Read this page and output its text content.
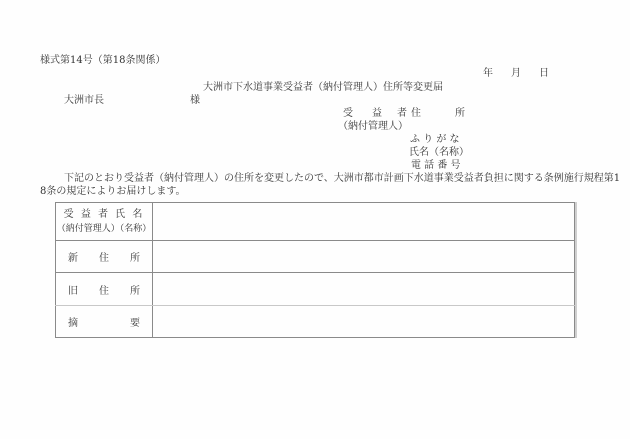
様式第14号（第18条関係）
年 月 日
大洲市下水道事業受益者（納付管理人）住所等変更届
大洲市長	様
受 益 者 住	所
（納付管理人）
ふ り が な
氏名（名称）
電 話 番 号
下記のとおり受益者（納付管理人）の住所を変更したので、大洲市都市計画下水道事業受益者負担に関する条例施行規程第1
8条の規定によりお届けします。
受 益 者 氏 名
（納付管理人）（名称）	

新 住 所	

旧 住 所	

摘 要	
